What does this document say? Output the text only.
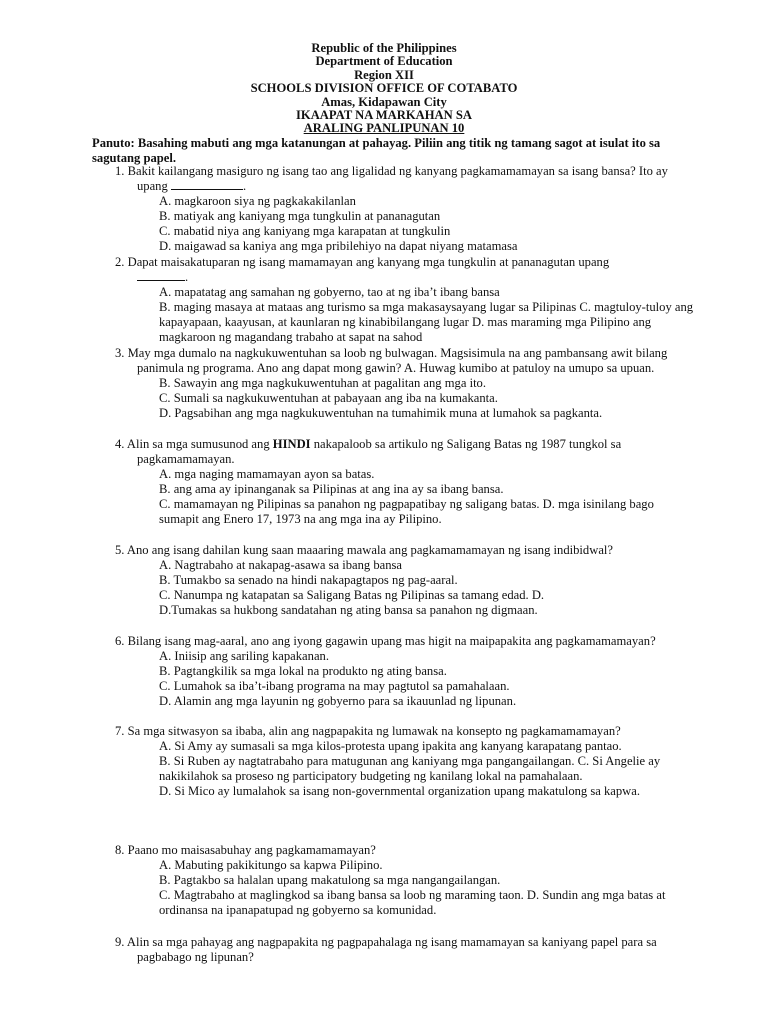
Republic of the Philippines
Department of Education
Region XII
SCHOOLS DIVISION OFFICE OF COTABATO
Amas, Kidapawan City
IKAAPAT NA MARKAHAN SA
ARALING PANLIPUNAN 10
Panuto: Basahing mabuti ang mga katanungan at pahayag. Piliin ang titik ng tamang sagot at isulat ito sa sagutang papel.
1. Bakit kailangang masiguro ng isang tao ang ligalidad ng kanyang pagkamamamayan sa isang bansa? Ito ay upang	.
A. magkaroon siya ng pagkakakilanlan
B. matiyak ang kaniyang mga tungkulin at pananagutan
C. mabatid niya ang kaniyang mga karapatan at tungkulin
D. maigawad sa kaniya ang mga pribilehiyo na dapat niyang matamasa
2. Dapat maisakatuparan ng isang mamamayan ang kanyang mga tungkulin at pananagutan upang
.
A. mapatatag ang samahan ng gobyerno, tao at ng iba’t ibang bansa
B. maging masaya at mataas ang turismo sa mga makasaysayang lugar sa Pilipinas C. magtuloy-tuloy ang kapayapaan, kaayusan, at kaunlaran ng kinabibilangang lugar D. mas maraming mga Pilipino ang magkaroon ng magandang trabaho at sapat na sahod
3. May mga dumalo na nagkukuwentuhan sa loob ng bulwagan. Magsisimula na ang pambansang awit bilang panimula ng programa. Ano ang dapat mong gawin? A. Huwag kumibo at patuloy na umupo sa upuan.
B. Sawayin ang mga nagkukuwentuhan at pagalitan ang mga ito.
C. Sumali sa nagkukuwentuhan at pabayaan ang iba na kumakanta.
D. Pagsabihan ang mga nagkukuwentuhan na tumahimik muna at lumahok sa pagkanta.
4. Alin sa mga sumusunod ang HINDI nakapaloob sa artikulo ng Saligang Batas ng 1987 tungkol sa pagkamamamayan.
A. mga naging mamamayan ayon sa batas.
B. ang ama ay ipinanganak sa Pilipinas at ang ina ay sa ibang bansa.
C. mamamayan ng Pilipinas sa panahon ng pagpapatibay ng saligang batas. D. mga isinilang bago sumapit ang Enero 17, 1973 na ang mga ina ay Pilipino.
5. Ano ang isang dahilan kung saan maaaring mawala ang pagkamamamayan ng isang indibidwal?
A. Nagtrabaho at nakapag-asawa sa ibang bansa
B. Tumakbo sa senado na hindi nakapagtapos ng pag-aaral.
C. Nanumpa ng katapatan sa Saligang Batas ng Pilipinas sa tamang edad. D.
D.Tumakas sa hukbong sandatahan ng ating bansa sa panahon ng digmaan.
6. Bilang isang mag-aaral, ano ang iyong gagawin upang mas higit na maipapakita ang pagkamamamayan?
A. Iniisip ang sariling kapakanan.
B. Pagtangkilik sa mga lokal na produkto ng ating bansa.
C. Lumahok sa iba’t-ibang programa na may pagtutol sa pamahalaan.
D. Alamin ang mga layunin ng gobyerno para sa ikauunlad ng lipunan.
7. Sa mga sitwasyon sa ibaba, alin ang nagpapakita ng lumawak na konsepto ng pagkamamamayan?
A. Si Amy ay sumasali sa mga kilos-protesta upang ipakita ang kanyang karapatang pantao.
B. Si Ruben ay nagtatrabaho para matugunan ang kaniyang mga pangangailangan. C. Si Angelie ay nakikilahok sa proseso ng participatory budgeting ng kanilang lokal na pamahalaan.
D. Si Mico ay lumalahok sa isang non-governmental organization upang makatulong sa kapwa.
8. Paano mo maisasabuhay ang pagkamamamayan?
A. Mabuting pakikitungo sa kapwa Pilipino.
B. Pagtakbo sa halalan upang makatulong sa mga nangangailangan.
C. Magtrabaho at maglingkod sa ibang bansa sa loob ng maraming taon. D. Sundin ang mga batas at ordinansa na ipanapatupad ng gobyerno sa komunidad.
9. Alin sa mga pahayag ang nagpapakita ng pagpapahalaga ng isang mamamayan sa kaniyang papel para sa pagbabago ng lipunan?
